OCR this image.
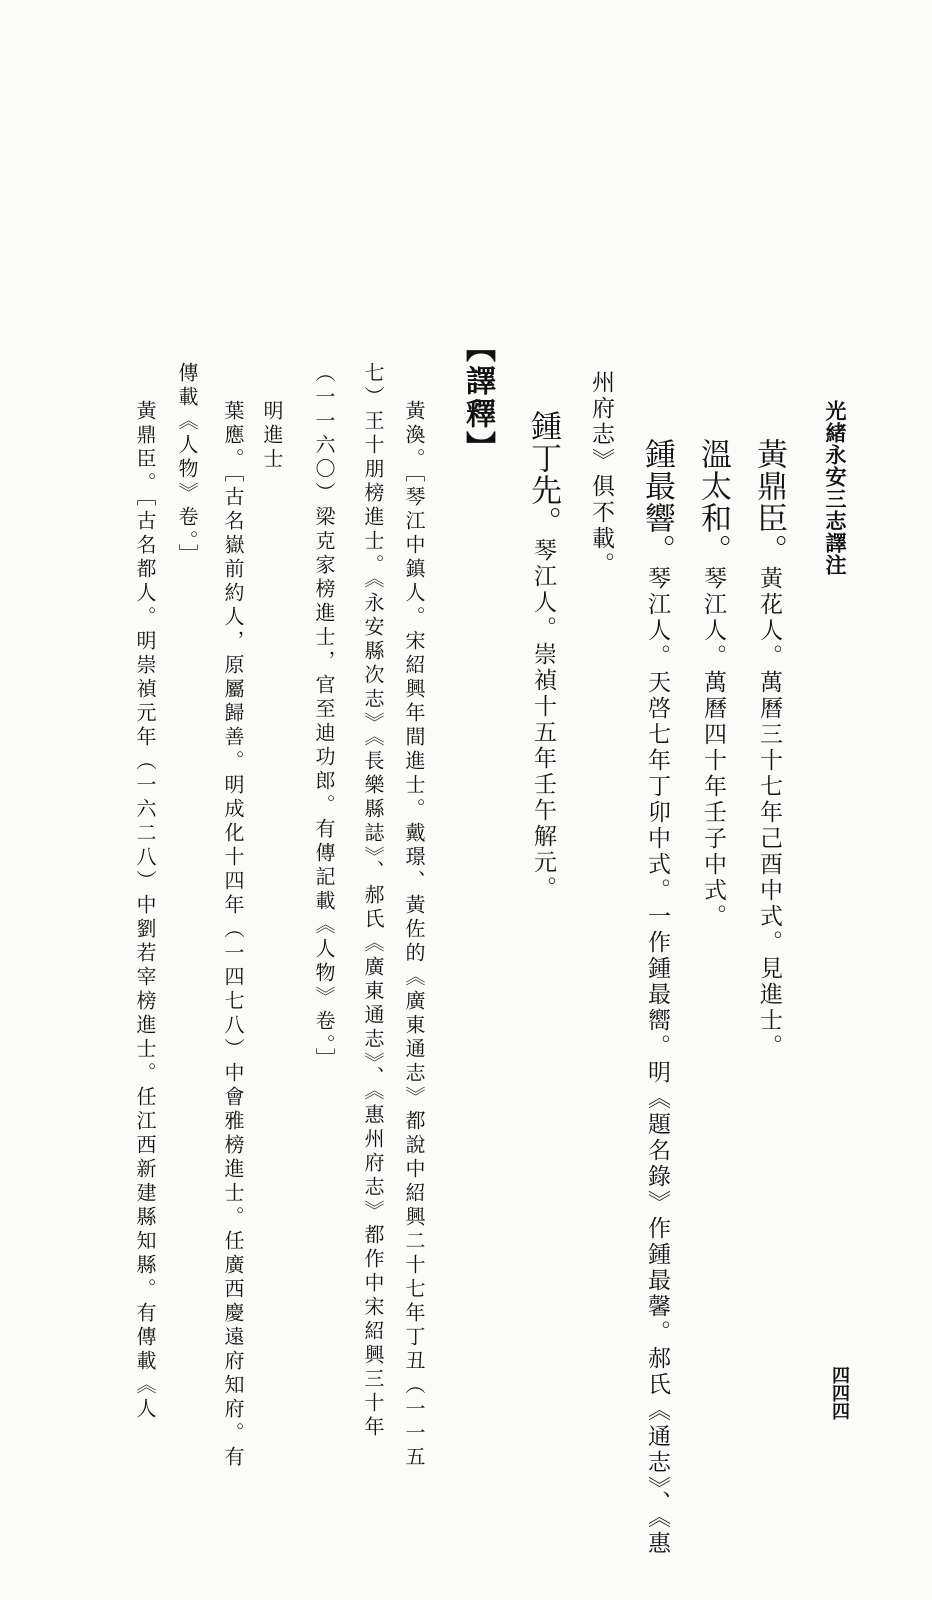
光緒永安三志譯注
四四四
黃鼎臣。黃花人。萬曆三十七年己酉中式。見進士。
溫太和。琴江人。萬曆四十年壬子中式。
鍾最響。琴江人。天啓七年丁卯中式。一作鍾最嚮。明《題名錄》作鍾最馨。郝氏《通志》、《惠
州府志》俱不載。
鍾丁先。琴江人。崇禎十五年壬午解元。
【譯釋】
黃渙。［琴江中鎮人。宋紹興年間進士。戴璟、黃佐的《廣東通志》都說中紹興二十七年丁丑（一一五
七）王十朋榜進士。《永安縣次志》《長樂縣誌》、郝氏《廣東通志》、《惠州府志》都作中宋紹興三十年
（一一六〇）梁克家榜進士，官至迪功郎。有傳記載《人物》卷。］
明進士
葉應。［古名嶽前約人，原屬歸善。明成化十四年（一四七八）中會雅榜進士。任廣西慶遠府知府。有
傳載《人物》卷。］
黃鼎臣。［古名都人。明崇禎元年（一六二八）中劉若宰榜進士。任江西新建縣知縣。有傳載《人
